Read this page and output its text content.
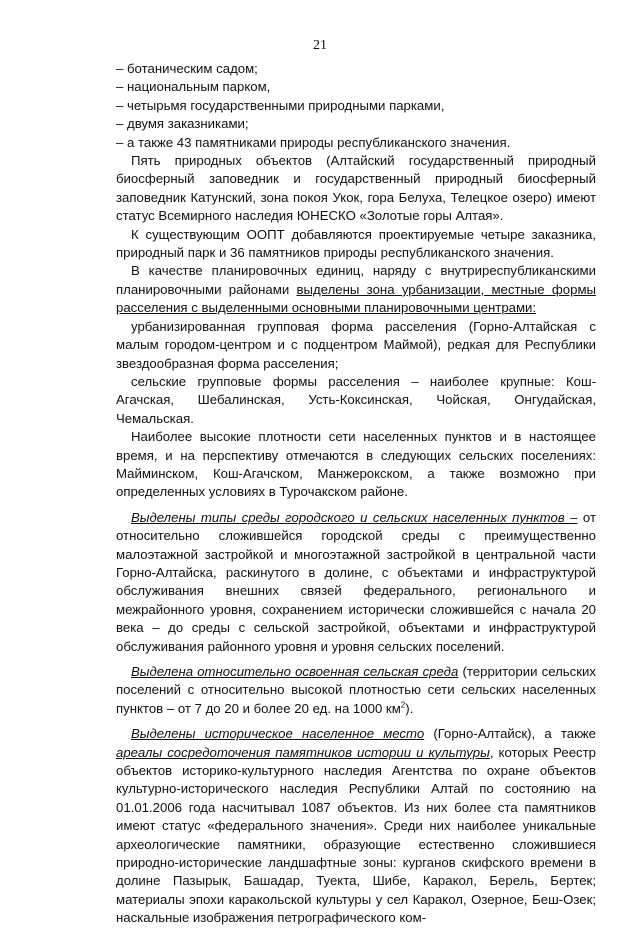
21

– ботаническим садом;

– национальным парком,

– четырьмя государственными природными парками,

– двумя заказниками;

– а также 43 памятниками природы республиканского значения.

Пять природных объектов (Алтайский государственный природный биосферный заповедник и государственный природный биосферный заповедник Катунский, зона покоя Укок, гора Белуха, Телецкое озеро) имеют статус Всемирного наследия ЮНЕСКО «Золотые горы Алтая».

К существующим ООПТ добавляются проектируемые четыре заказника, природный парк и 36 памятников природы республиканского значения.

В качестве планировочных единиц, наряду с внутриреспубликанскими планировочными районами выделены зона урбанизации, местные формы расселения с выделенными основными планировочными центрами:

урбанизированная групповая форма расселения (Горно-Алтайская с малым городом-центром и с подцентром Маймой), редкая для Республики звездообразная форма расселения;

сельские групповые формы расселения – наиболее крупные: Кош-Агачская, Шебалинская, Усть-Коксинская, Чойская, Онгудайская, Чемальская.

Наиболее высокие плотности сети населенных пунктов и в настоящее время, и на перспективу отмечаются в следующих сельских поселениях: Майминском, Кош-Агачском, Манжерокском, а также возможно при определенных условиях в Турочакском районе.

Выделены типы среды городского и сельских населенных пунктов – от относительно сложившейся городской среды с преимущественно малоэтажной застройкой и многоэтажной застройкой в центральной части Горно-Алтайска, раскинутого в долине, с объектами и инфраструктурой обслуживания внешних связей федерального, регионального и межрайонного уровня, сохранением исторически сложившейся с начала 20 века – до среды с сельской застройкой, объектами и инфраструктурой обслуживания районного уровня и уровня сельских поселений.

Выделена относительно освоенная сельская среда (территории сельских поселений с относительно высокой плотностью сети сельских населенных пунктов – от 7 до 20 и более 20 ед. на 1000 $км^2$).

Выделены историческое населенное место (Горно-Алтайск), а также ареалы сосредоточения памятников истории и культуры, которых Реестр объектов историко-культурного наследия Агентства по охране объектов культурно-исторического наследия Республики Алтай по состоянию на 01.01.2006 года насчитывал 1087 объектов. Из них более ста памятников имеют статус «федерального значения». Среди них наиболее уникальные археологические памятники, образующие естественно сложившиеся природно-исторические ландшафтные зоны: курганов скифского времени в долине Пазырык, Башадар, Туекта, Шибе, Каракол, Берель, Бертек; материалы эпохи каракольской культуры у сел Каракол, Озерное, Беш-Озек; наскальные изображения петрографического ком-
